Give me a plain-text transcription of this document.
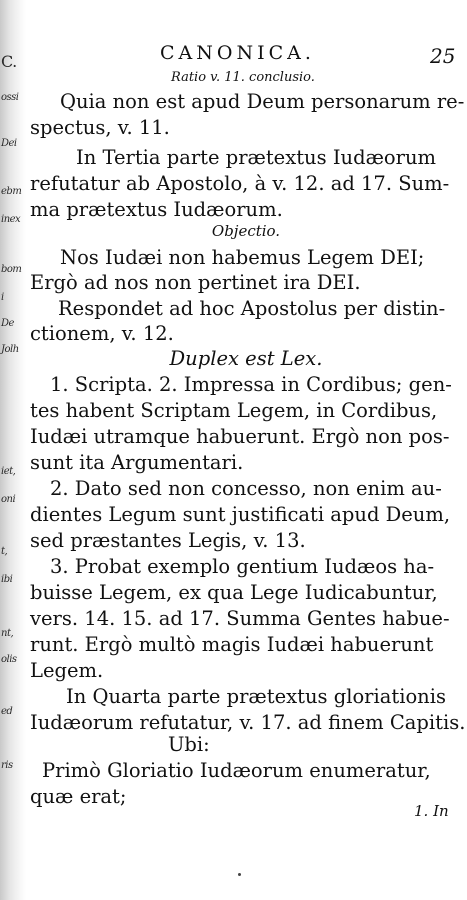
C.
ossi
Dei
ebm
inex
bom
i
De
Jolh
iet,
oni
t,
ibi
nt,
olis
ed
ris
CANONICA.	25
Ratio v. 11. conclusio.
Quia non est apud Deum personarum re-
spectus, v. 11.
In Tertia parte prætextus Iudæorum
refutatur ab Apostolo, à v. 12. ad 17. Sum-
ma prætextus Iudæorum.
Objectio.
Nos Iudæi non habemus Legem DEI;
Ergò ad nos non pertinet ira DEI.
Respondet ad hoc Apostolus per distin-
ctionem, v. 12.
Duplex est Lex.
1. Scripta. 2. Impressa in Cordibus; gen-
tes habent Scriptam Legem, in Cordibus,
Iudæi utramque habuerunt. Ergò non pos-
sunt ita Argumentari.
2. Dato sed non concesso, non enim au-
dientes Legum sunt justificati apud Deum,
sed præstantes Legis, v. 13.
3. Probat exemplo gentium Iudæos ha-
buisse Legem, ex qua Lege Iudicabuntur,
vers. 14. 15. ad 17. Summa Gentes habue-
runt. Ergò multò magis Iudæi habuerunt
Legem.
In Quarta parte prætextus gloriationis
Iudæorum refutatur, v. 17. ad finem Capitis.
Ubi:
Primò Gloriatio Iudæorum enumeratur,
quæ erat;
1. In
